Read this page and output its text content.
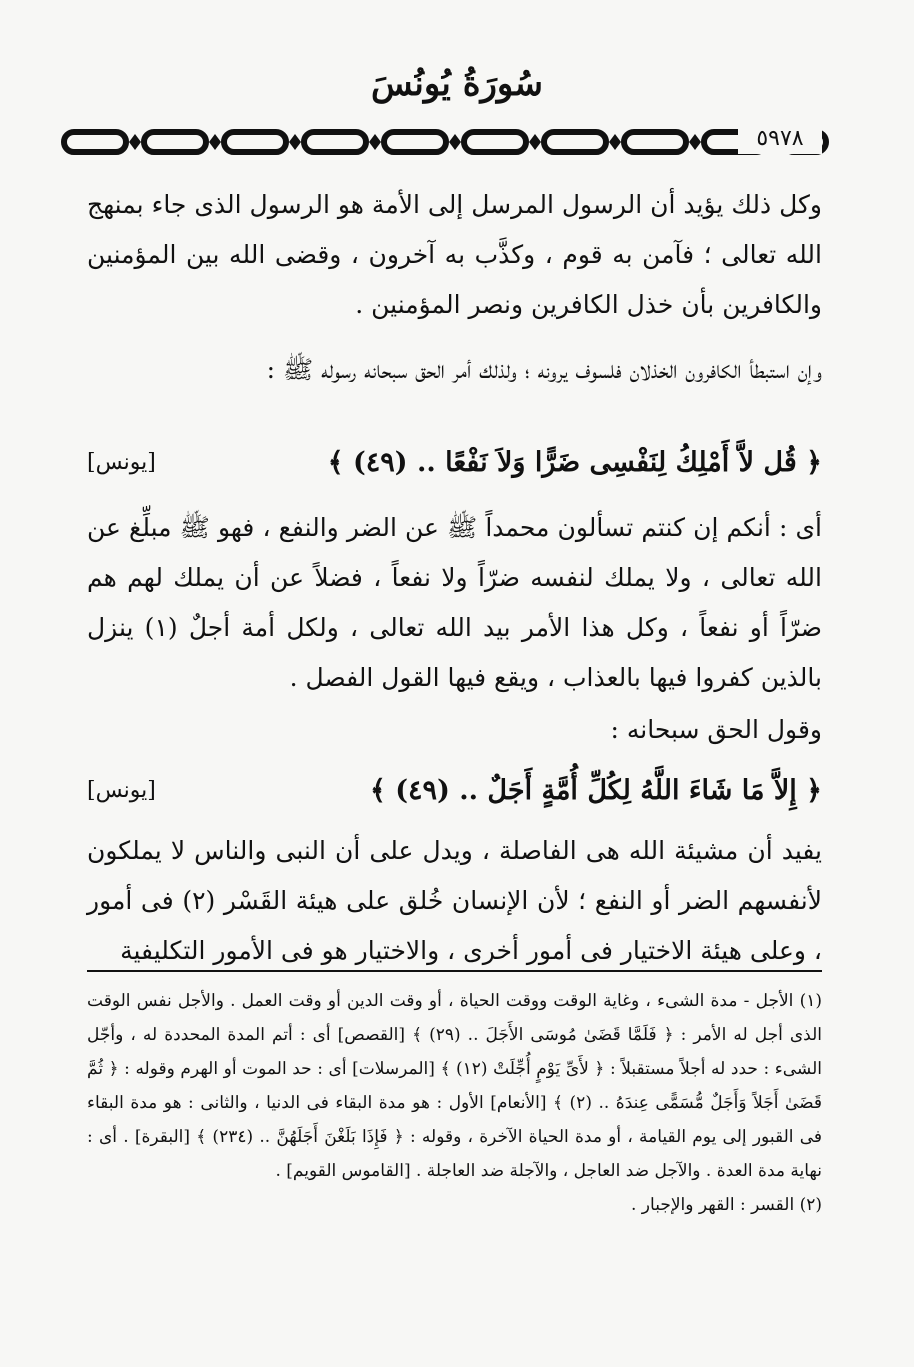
سُورَةُ يُونُسَ
٥٩٧٨
وكل ذلك يؤيد أن الرسول المرسل إلى الأمة هو الرسول الذى جاء بمنهج الله تعالى ؛ فآمن به قوم ، وكذَّب به آخرون ، وقضى الله بين المؤمنين والكافرين بأن خذل الكافرين ونصر المؤمنين .
وإن استبطأ الكافرون الخذلان فلسوف يرونه ؛ ولذلك أمر الحق سبحانه رسوله ﷺ :
﴿ قُل لاَّ أَمْلِكُ لِنَفْسِى ضَرًّا وَلاَ نَفْعًا .. (٤٩) ﴾
[يونس]
أى : أنكم إن كنتم تسألون محمداً ﷺ عن الضر والنفع ، فهو ﷺ مبلِّغ عن الله تعالى ، ولا يملك لنفسه ضرّاً ولا نفعاً ، فضلاً عن أن يملك لهم هم ضرّاً أو نفعاً ، وكل هذا الأمر بيد الله تعالى ، ولكل أمة أجلٌ (١) ينزل بالذين كفروا فيها بالعذاب ، ويقع فيها القول الفصل .
وقول الحق سبحانه :
﴿ إِلاَّ مَا شَاءَ اللَّهُ لِكُلِّ أُمَّةٍ أَجَلٌ .. (٤٩) ﴾
[يونس]
يفيد أن مشيئة الله هى الفاصلة ، ويدل على أن النبى والناس لا يملكون لأنفسهم الضر أو النفع ؛ لأن الإنسان خُلق على هيئة القَسْر (٢) فى أمور ، وعلى هيئة الاختيار فى أمور أخرى ، والاختيار هو فى الأمور التكليفية

(١) الأجل - مدة الشىء ، وغاية الوقت ووقت الحياة ، أو وقت الدين أو وقت العمل . والأجل نفس الوقت الذى أجل له الأمر : ﴿ فَلَمَّا قَضَىٰ مُوسَى الأَجَلَ .. (٢٩) ﴾ [القصص] أى : أتم المدة المحددة له ، وأجّل الشىء : حدد له أجلاً مستقبلاً : ﴿ لأَىِّ يَوْمٍ أُجِّلَتْ (١٢) ﴾ [المرسلات] أى : حد الموت أو الهرم وقوله : ﴿ ثُمَّ قَضَىٰ أَجَلاً وَأَجَلٌ مُّسَمًّى عِندَهُ .. (٢) ﴾ [الأنعام] الأول : هو مدة البقاء فى الدنيا ، والثانى : هو مدة البقاء فى القبور إلى يوم القيامة ، أو مدة الحياة الآخرة ، وقوله : ﴿ فَإِذَا بَلَغْنَ أَجَلَهُنَّ .. (٢٣٤) ﴾ [البقرة] . أى : نهاية مدة العدة . والآجل ضد العاجل ، والآجلة ضد العاجلة . [القاموس القويم] .

(٢) القسر : القهر والإجبار .
